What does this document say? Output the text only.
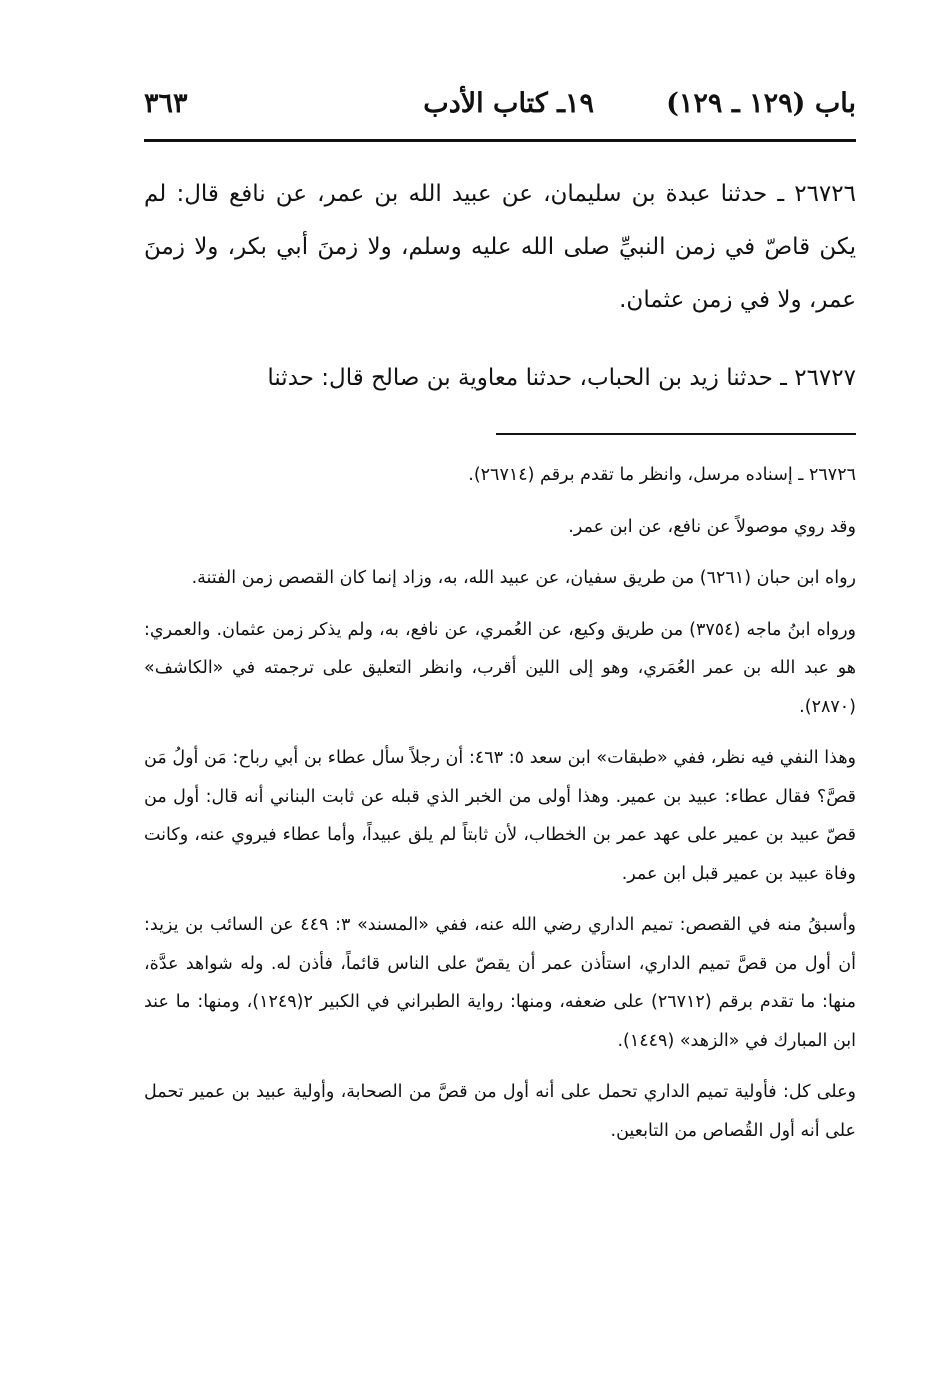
باب (١٢٩ ـ ١٢٩)
١٩ـ كتاب الأدب
٣٦٣

٢٦٧٢٦ ـ حدثنا عبدة بن سليمان، عن عبيد الله بن عمر، عن نافع قال: لم يكن قاصّ في زمن النبيِّ صلى الله عليه وسلم، ولا زمنَ أبي بكر، ولا زمنَ عمر، ولا في زمن عثمان.

٢٦٧٢٧ ـ حدثنا زيد بن الحباب، حدثنا معاوية بن صالح قال: حدثنا

٢٦٧٢٦ ـ إسناده مرسل، وانظر ما تقدم برقم (٢٦٧١٤).

وقد روي موصولاً عن نافع، عن ابن عمر.

رواه ابن حبان (٦٢٦١) من طريق سفيان، عن عبيد الله، به، وزاد إنما كان القصص زمن الفتنة.

ورواه ابنُ ماجه (٣٧٥٤) من طريق وكيع، عن العُمري، عن نافع، به، ولم يذكر زمن عثمان. والعمري: هو عبد الله بن عمر العُمَري، وهو إلى اللين أقرب، وانظر التعليق على ترجمته في «الكاشف» (٢٨٧٠).

وهذا النفي فيه نظر، ففي «طبقات» ابن سعد ٥: ٤٦٣: أن رجلاً سأل عطاء بن أبي رباح: مَن أولُ مَن قصَّ؟ فقال عطاء: عبيد بن عمير. وهذا أولى من الخبر الذي قبله عن ثابت البناني أنه قال: أول من قصّ عبيد بن عمير على عهد عمر بن الخطاب، لأن ثابتاً لم يلق عبيداً، وأما عطاء فيروي عنه، وكانت وفاة عبيد بن عمير قبل ابن عمر.

وأسبقُ منه في القصص: تميم الداري رضي الله عنه، ففي «المسند» ٣: ٤٤٩ عن السائب بن يزيد: أن أول من قصَّ تميم الداري، استأذن عمر أن يقصّ على الناس قائماً، فأذن له. وله شواهد عدَّة، منها: ما تقدم برقم (٢٦٧١٢) على ضعفه، ومنها: رواية الطبراني في الكبير ٢(١٢٤٩)، ومنها: ما عند ابن المبارك في «الزهد» (١٤٤٩).

وعلى كل: فأولية تميم الداري تحمل على أنه أول من قصَّ من الصحابة، وأولية عبيد بن عمير تحمل على أنه أول القُصاص من التابعين.
